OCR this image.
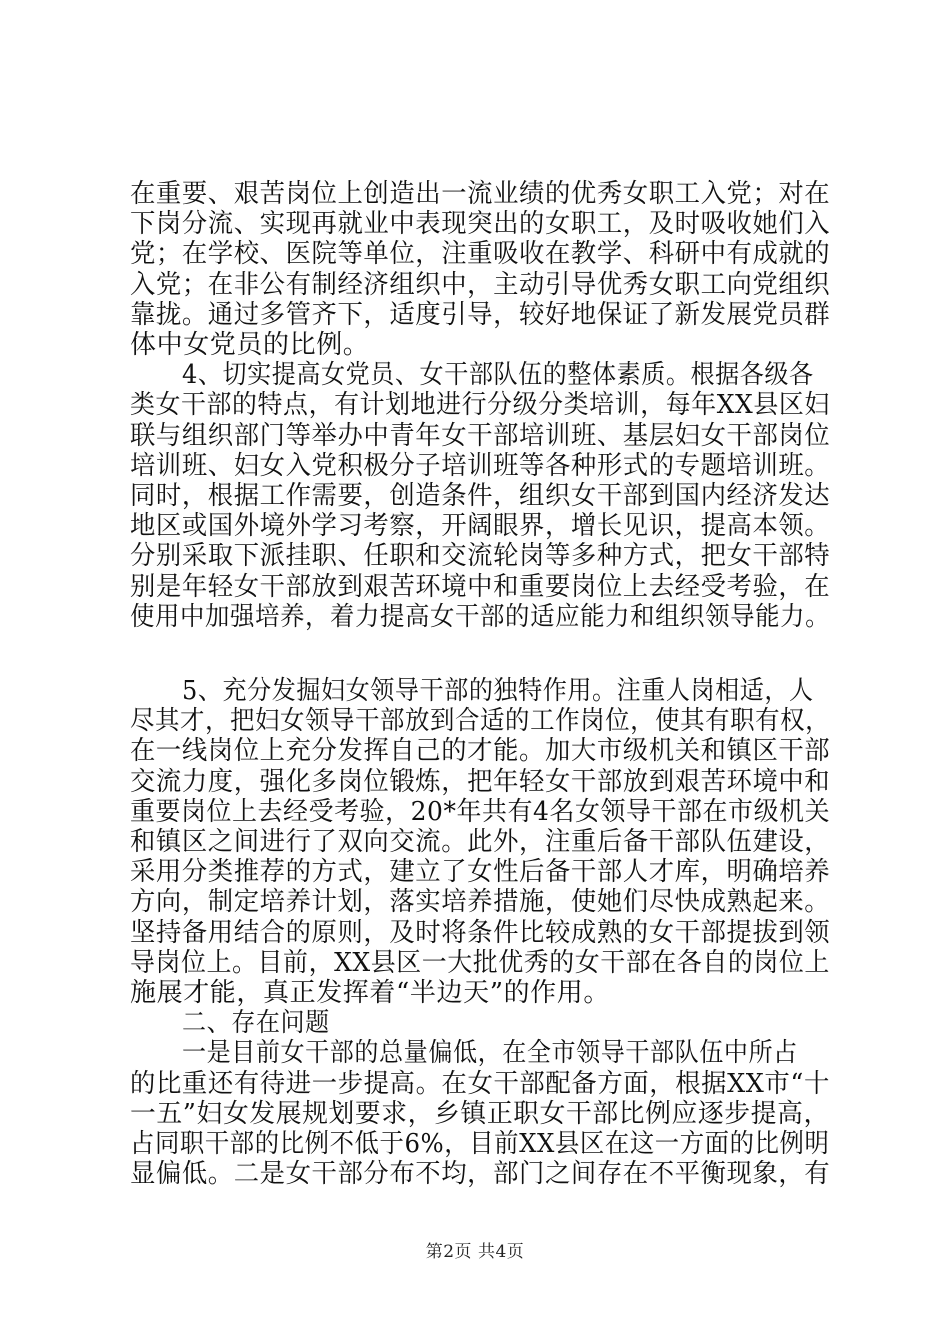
在重要、艰苦岗位上创造出一流业绩的优秀女职工入党；对在
下岗分流、实现再就业中表现突出的女职工，及时吸收她们入
党；在学校、医院等单位，注重吸收在教学、科研中有成就的
入党；在非公有制经济组织中，主动引导优秀女职工向党组织
靠拢。通过多管齐下，适度引导，较好地保证了新发展党员群
体中女党员的比例。
4、切实提高女党员、女干部队伍的整体素质。根据各级各
类女干部的特点，有计划地进行分级分类培训，每年XX县区妇
联与组织部门等举办中青年女干部培训班、基层妇女干部岗位
培训班、妇女入党积极分子培训班等各种形式的专题培训班。
同时，根据工作需要，创造条件，组织女干部到国内经济发达
地区或国外境外学习考察，开阔眼界，增长见识，提高本领。
分别采取下派挂职、任职和交流轮岗等多种方式，把女干部特
别是年轻女干部放到艰苦环境中和重要岗位上去经受考验，在
使用中加强培养，着力提高女干部的适应能力和组织领导能力。
5、充分发掘妇女领导干部的独特作用。注重人岗相适，人
尽其才，把妇女领导干部放到合适的工作岗位，使其有职有权，
在一线岗位上充分发挥自己的才能。加大市级机关和镇区干部
交流力度，强化多岗位锻炼，把年轻女干部放到艰苦环境中和
重要岗位上去经受考验，20*年共有4名女领导干部在市级机关
和镇区之间进行了双向交流。此外，注重后备干部队伍建设，
采用分类推荐的方式，建立了女性后备干部人才库，明确培养
方向，制定培养计划，落实培养措施，使她们尽快成熟起来。
坚持备用结合的原则，及时将条件比较成熟的女干部提拔到领
导岗位上。目前，XX县区一大批优秀的女干部在各自的岗位上
施展才能，真正发挥着“半边天”的作用。
二、存在问题
一是目前女干部的总量偏低，在全市领导干部队伍中所占
的比重还有待进一步提高。在女干部配备方面，根据XX市“十
一五”妇女发展规划要求，乡镇正职女干部比例应逐步提高，
占同职干部的比例不低于6%，目前XX县区在这一方面的比例明
显偏低。二是女干部分布不均，部门之间存在不平衡现象，有
第2页 共4页
